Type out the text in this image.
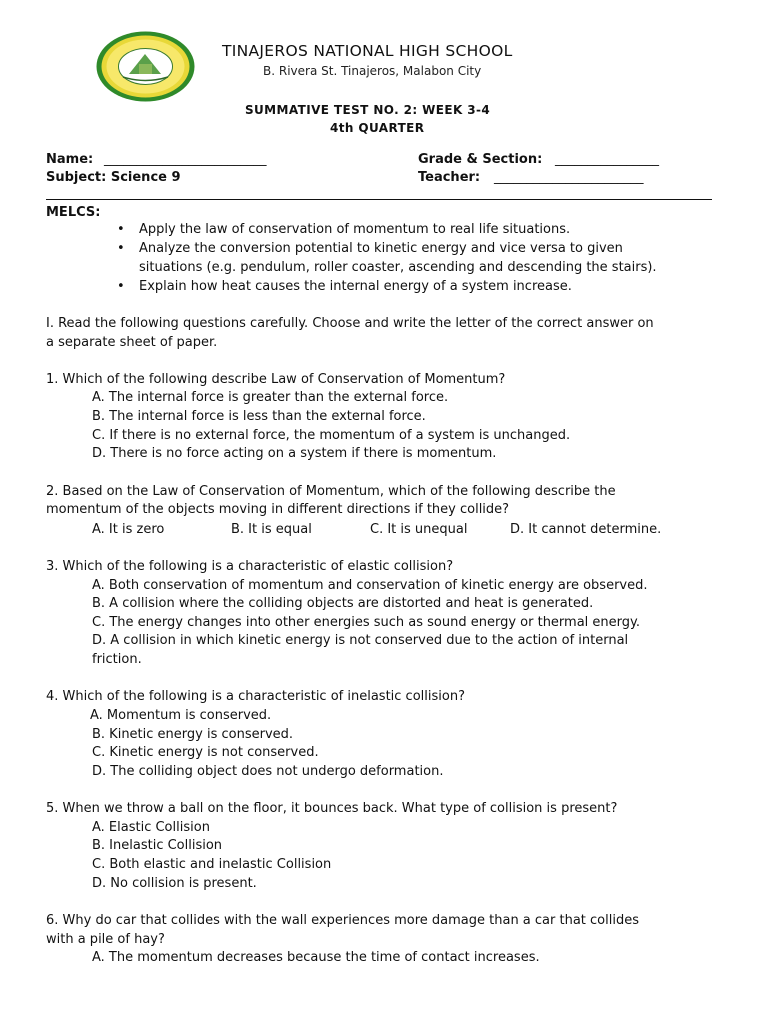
TINAJEROS NATIONAL HIGH SCHOOL
B. Rivera St. Tinajeros, Malabon City
SUMMATIVE TEST NO. 2: WEEK 3-4
4th QUARTER
Name: _________________________	Grade & Section: ________________
Subject: Science 9	Teacher: _______________________
MELCS:
• Apply the law of conservation of momentum to real life situations.
• Analyze the conversion potential to kinetic energy and vice versa to given
situations (e.g. pendulum, roller coaster, ascending and descending the stairs).
• Explain how heat causes the internal energy of a system increase.
I. Read the following questions carefully. Choose and write the letter of the correct answer on
a separate sheet of paper.
1. Which of the following describe Law of Conservation of Momentum?
A. The internal force is greater than the external force.
B. The internal force is less than the external force.
C. If there is no external force, the momentum of a system is unchanged.
D. There is no force acting on a system if there is momentum.
2. Based on the Law of Conservation of Momentum, which of the following describe the
momentum of the objects moving in different directions if they collide?
A. It is zero	B. It is equal	C. It is unequal	D. It cannot determine.
3. Which of the following is a characteristic of elastic collision?
A. Both conservation of momentum and conservation of kinetic energy are observed.
B. A collision where the colliding objects are distorted and heat is generated.
C. The energy changes into other energies such as sound energy or thermal energy.
D. A collision in which kinetic energy is not conserved due to the action of internal
friction.
4. Which of the following is a characteristic of inelastic collision?
A. Momentum is conserved.
B. Kinetic energy is conserved.
C. Kinetic energy is not conserved.
D. The colliding object does not undergo deformation.
5. When we throw a ball on the floor, it bounces back. What type of collision is present?
A. Elastic Collision
B. Inelastic Collision
C. Both elastic and inelastic Collision
D. No collision is present.
6. Why do car that collides with the wall experiences more damage than a car that collides
with a pile of hay?
A. The momentum decreases because the time of contact increases.
